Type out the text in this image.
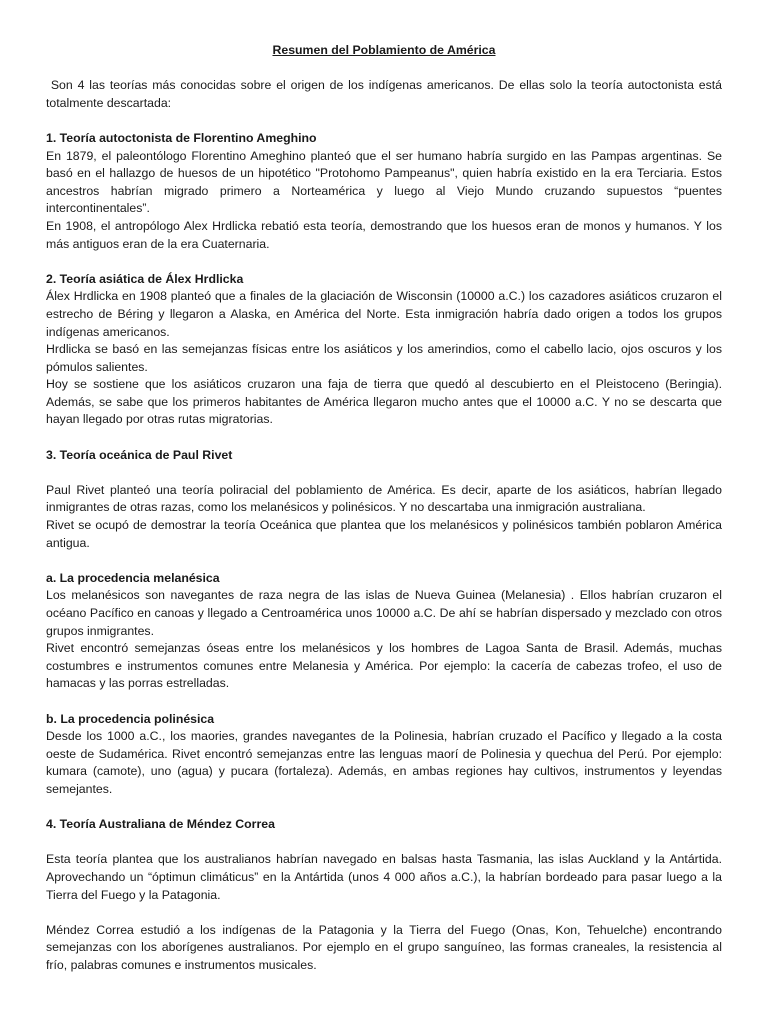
Resumen del Poblamiento de América

Son 4 las teorías más conocidas sobre el origen de los indígenas americanos. De ellas solo la teoría autoctonista está totalmente descartada:

1. Teoría autoctonista de Florentino Ameghino

En 1879, el paleontólogo Florentino Ameghino planteó que el ser humano habría surgido en las Pampas argentinas. Se basó en el hallazgo de huesos de un hipotético "Protohomo Pampeanus", quien habría existido en la era Terciaria. Estos ancestros habrían migrado primero a Norteamérica y luego al Viejo Mundo cruzando supuestos “puentes intercontinentales”.

En 1908, el antropólogo Alex Hrdlicka rebatió esta teoría, demostrando que los huesos eran de monos y humanos. Y los más antiguos eran de la era Cuaternaria.

2. Teoría asiática de Álex Hrdlicka

Álex Hrdlicka en 1908 planteó que a finales de la glaciación de Wisconsin (10000 a.C.) los cazadores asiáticos cruzaron el estrecho de Béring y llegaron a Alaska, en América del Norte. Esta inmigración habría dado origen a todos los grupos indígenas americanos.

Hrdlicka se basó en las semejanzas físicas entre los asiáticos y los amerindios, como el cabello lacio, ojos oscuros y los pómulos salientes.

Hoy se sostiene que los asiáticos cruzaron una faja de tierra que quedó al descubierto en el Pleistoceno (Beringia). Además, se sabe que los primeros habitantes de América llegaron mucho antes que el 10000 a.C. Y no se descarta que hayan llegado por otras rutas migratorias.

3. Teoría oceánica de Paul Rivet

Paul Rivet planteó una teoría poliracial del poblamiento de América. Es decir, aparte de los asiáticos, habrían llegado inmigrantes de otras razas, como los melanésicos y polinésicos. Y no descartaba una inmigración australiana.

Rivet se ocupó de demostrar la teoría Oceánica que plantea que los melanésicos y polinésicos también poblaron América antigua.

a. La procedencia melanésica

Los melanésicos son navegantes de raza negra de las islas de Nueva Guinea (Melanesia) . Ellos habrían cruzaron el océano Pacífico en canoas y llegado a Centroamérica unos 10000 a.C. De ahí se habrían dispersado y mezclado con otros grupos inmigrantes.

Rivet encontró semejanzas óseas entre los melanésicos y los hombres de Lagoa Santa de Brasil. Además, muchas costumbres e instrumentos comunes entre Melanesia y América. Por ejemplo: la cacería de cabezas trofeo, el uso de hamacas y las porras estrelladas.

b. La procedencia polinésica

Desde los 1000 a.C., los maories, grandes navegantes de la Polinesia, habrían cruzado el Pacífico y llegado a la costa oeste de Sudamérica. Rivet encontró semejanzas entre las lenguas maorí de Polinesia y quechua del Perú. Por ejemplo: kumara (camote), uno (agua) y pucara (fortaleza). Además, en ambas regiones hay cultivos, instrumentos y leyendas semejantes.

4. Teoría Australiana de Méndez Correa

Esta teoría plantea que los australianos habrían navegado en balsas hasta Tasmania, las islas Auckland y la Antártida. Aprovechando un “óptimun climáticus” en la Antártida (unos 4 000 años a.C.), la habrían bordeado para pasar luego a la Tierra del Fuego y la Patagonia.

Méndez Correa estudió a los indígenas de la Patagonia y la Tierra del Fuego (Onas, Kon, Tehuelche) encontrando semejanzas con los aborígenes australianos. Por ejemplo en el grupo sanguíneo, las formas craneales, la resistencia al frío, palabras comunes e instrumentos musicales.
